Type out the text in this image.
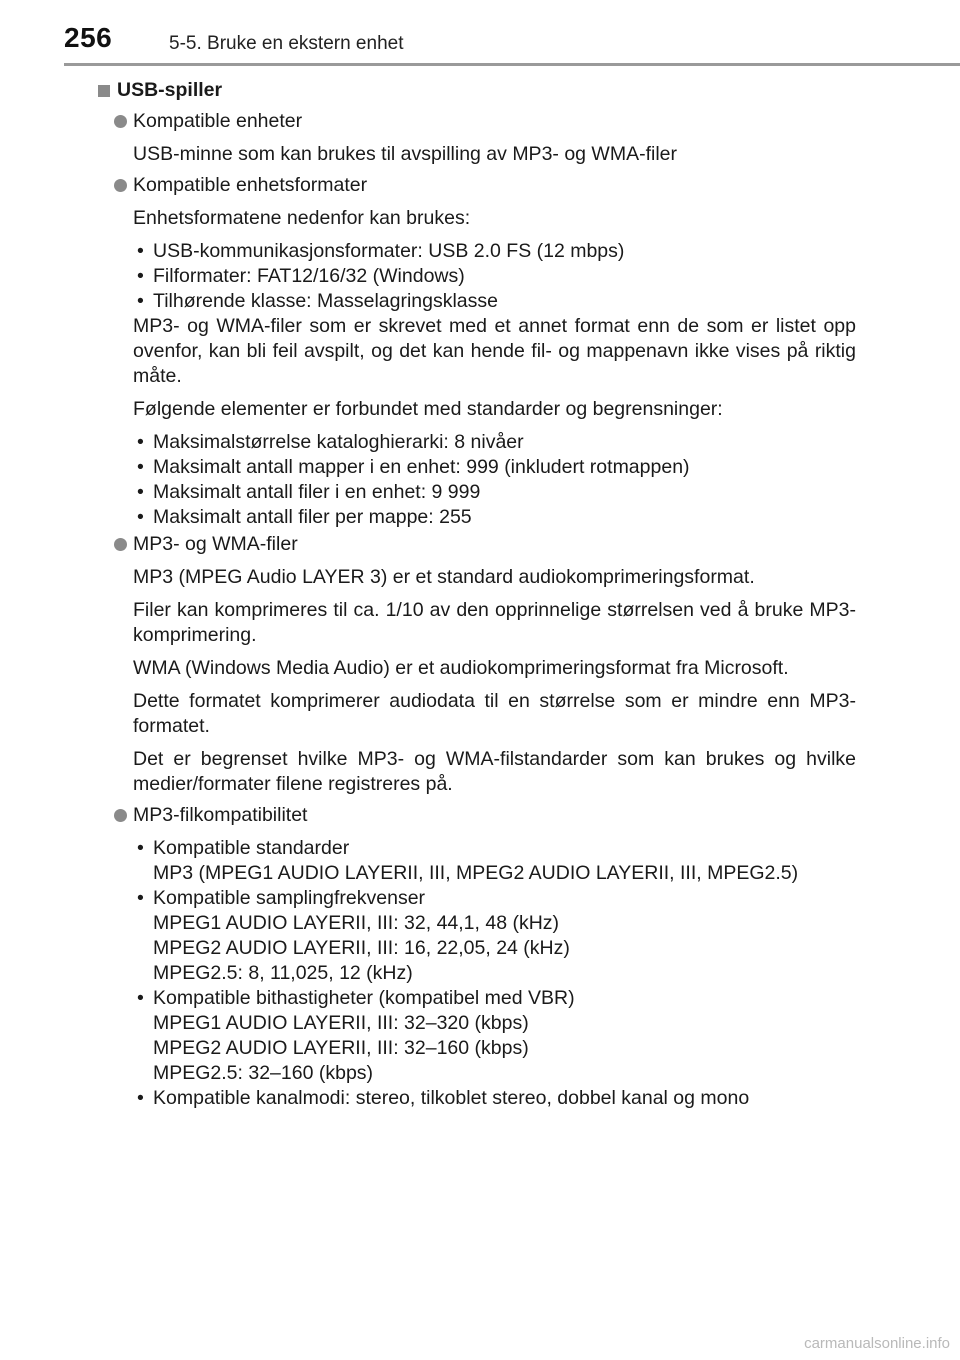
256	5-5. Bruke en ekstern enhet
USB-spiller
Kompatible enheter
USB-minne som kan brukes til avspilling av MP3- og WMA-filer
Kompatible enhetsformater
Enhetsformatene nedenfor kan brukes:
• USB-kommunikasjonsformater: USB 2.0 FS (12 mbps)
• Filformater: FAT12/16/32 (Windows)
• Tilhørende klasse: Masselagringsklasse
MP3- og WMA-filer som er skrevet med et annet format enn de som er listet opp ovenfor, kan bli feil avspilt, og det kan hende fil- og mappenavn ikke vises på riktig måte.
Følgende elementer er forbundet med standarder og begrensninger:
• Maksimalstørrelse kataloghierarki: 8 nivåer
• Maksimalt antall mapper i en enhet: 999 (inkludert rotmappen)
• Maksimalt antall filer i en enhet: 9 999
• Maksimalt antall filer per mappe: 255
MP3- og WMA-filer
MP3 (MPEG Audio LAYER 3) er et standard audiokomprimeringsformat.
Filer kan komprimeres til ca. 1/10 av den opprinnelige størrelsen ved å bruke MP3-komprimering.
WMA (Windows Media Audio) er et audiokomprimeringsformat fra Microsoft.
Dette formatet komprimerer audiodata til en størrelse som er mindre enn MP3-formatet.
Det er begrenset hvilke MP3- og WMA-filstandarder som kan brukes og hvilke medier/formater filene registreres på.
MP3-filkompatibilitet
• Kompatible standarder
MP3 (MPEG1 AUDIO LAYERII, III, MPEG2 AUDIO LAYERII, III, MPEG2.5)
• Kompatible samplingfrekvenser
MPEG1 AUDIO LAYERII, III: 32, 44,1, 48 (kHz)
MPEG2 AUDIO LAYERII, III: 16, 22,05, 24 (kHz)
MPEG2.5: 8, 11,025, 12 (kHz)
• Kompatible bithastigheter (kompatibel med VBR)
MPEG1 AUDIO LAYERII, III: 32–320 (kbps)
MPEG2 AUDIO LAYERII, III: 32–160 (kbps)
MPEG2.5: 32–160 (kbps)
• Kompatible kanalmodi: stereo, tilkoblet stereo, dobbel kanal og mono
carmanualsonline.info
